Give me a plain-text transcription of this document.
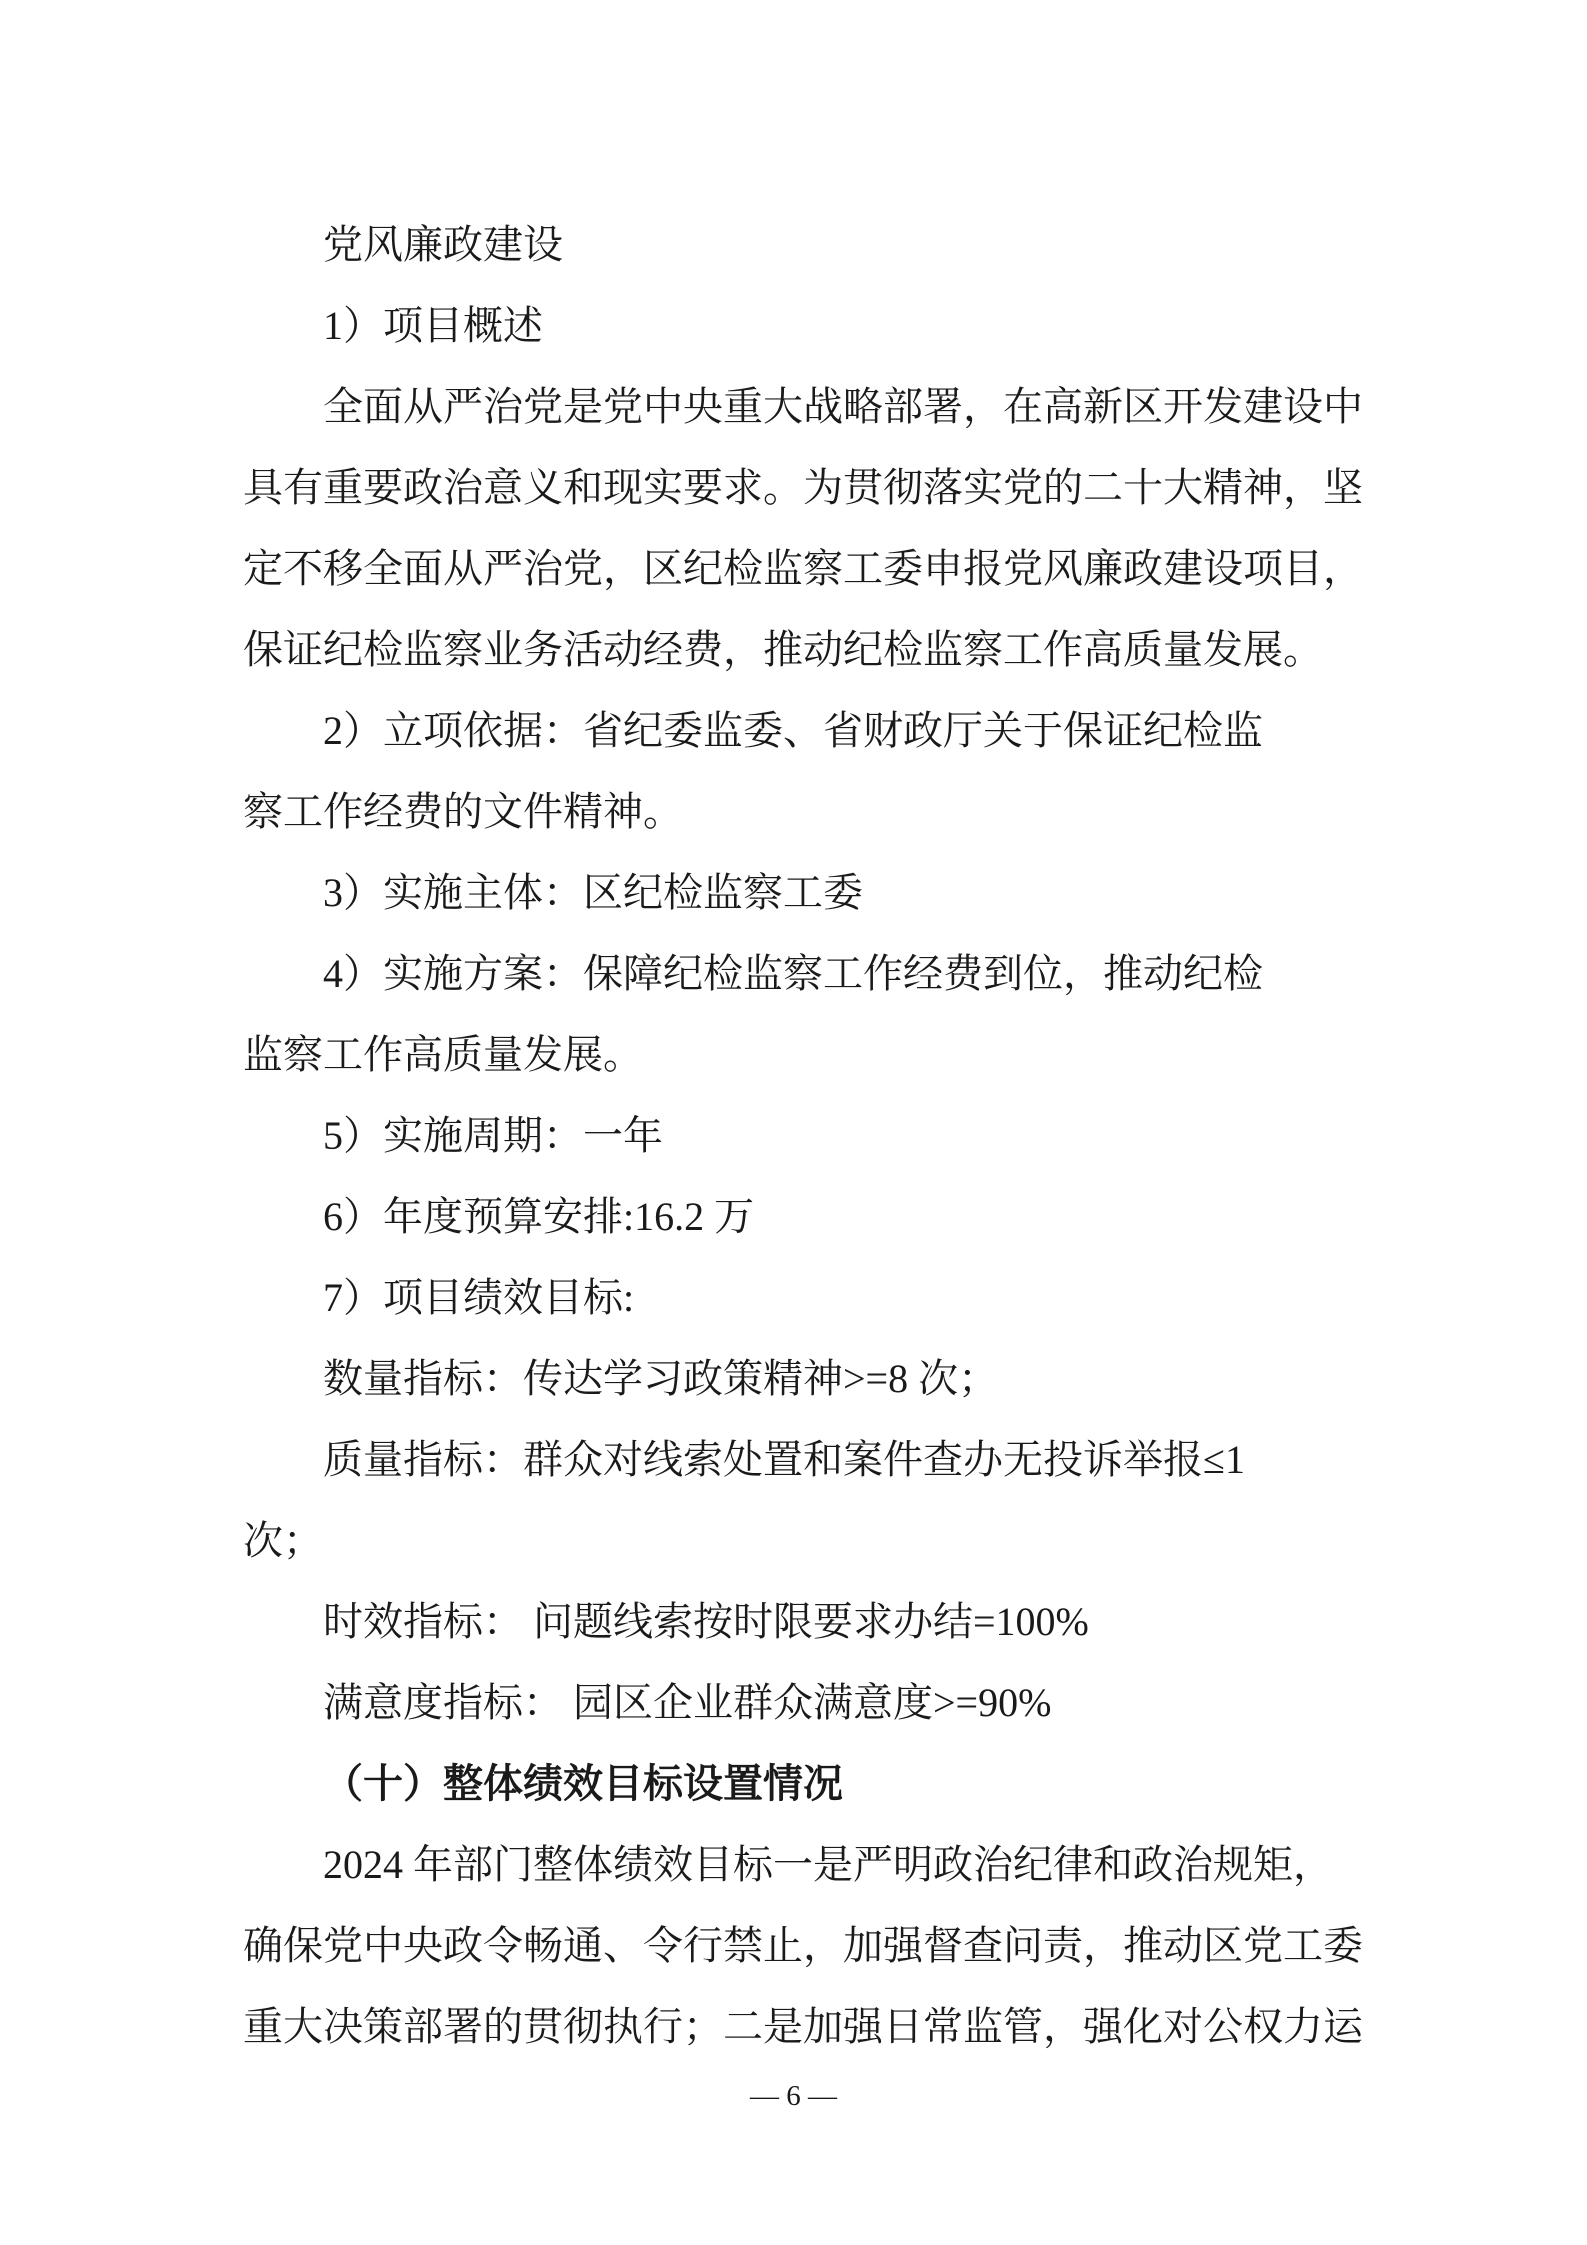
党风廉政建设
1）项目概述
全面从严治党是党中央重大战略部署，在高新区开发建设中
具有重要政治意义和现实要求。为贯彻落实党的二十大精神，坚
定不移全面从严治党，区纪检监察工委申报党风廉政建设项目，
保证纪检监察业务活动经费，推动纪检监察工作高质量发展。
2）立项依据：省纪委监委、省财政厅关于保证纪检监
察工作经费的文件精神。
3）实施主体：区纪检监察工委
4）实施方案：保障纪检监察工作经费到位，推动纪检
监察工作高质量发展。
5）实施周期：一年
6）年度预算安排:16.2 万
7）项目绩效目标:
数量指标：传达学习政策精神>=8 次；
质量指标：群众对线索处置和案件查办无投诉举报≤1
次；
时效指标： 问题线索按时限要求办结=100%
满意度指标： 园区企业群众满意度>=90%
（十）整体绩效目标设置情况
2024 年部门整体绩效目标一是严明政治纪律和政治规矩，
确保党中央政令畅通、令行禁止，加强督查问责，推动区党工委
重大决策部署的贯彻执行；二是加强日常监管，强化对公权力运
— 6 —
